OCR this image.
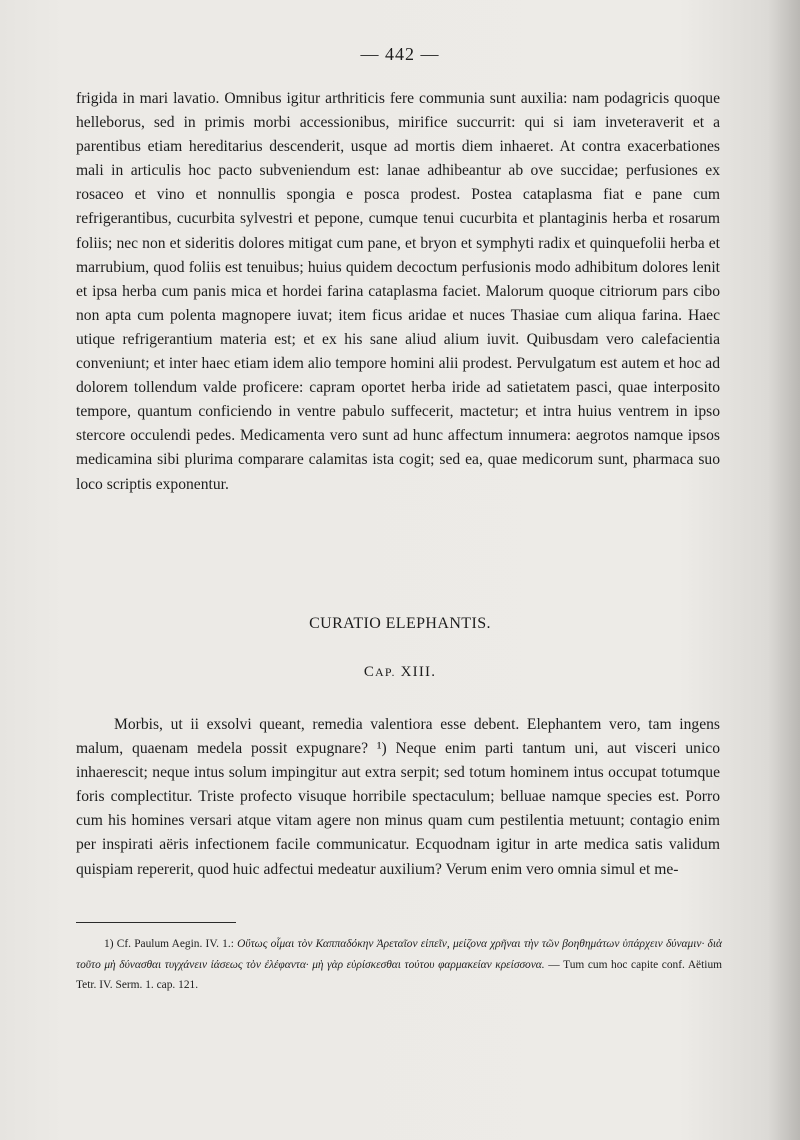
— 442 —
frigida in mari lavatio. Omnibus igitur arthriticis fere communia sunt auxilia: nam podagricis quoque helleborus, sed in primis morbi accessionibus, mirifice succurrit: qui si iam inveteraverit et a parentibus etiam hereditarius descenderit, usque ad mortis diem inhaeret. At contra exacerbationes mali in articulis hoc pacto subveniendum est: lanae adhibeantur ab ove succidae; perfusiones ex rosaceo et vino et nonnullis spongia e posca prodest. Postea cataplasma fiat e pane cum refrigerantibus, cucurbita sylvestri et pepone, cumque tenui cucurbita et plantaginis herba et rosarum foliis; nec non et sideritis dolores mitigat cum pane, et bryon et symphyti radix et quinquefolii herba et marrubium, quod foliis est tenuibus; huius quidem decoctum perfusionis modo adhibitum dolores lenit et ipsa herba cum panis mica et hordei farina cataplasma faciet. Malorum quoque citriorum pars cibo non apta cum polenta magnopere iuvat; item ficus aridae et nuces Thasiae cum aliqua farina. Haec utique refrigerantium materia est; et ex his sane aliud alium iuvit. Quibusdam vero calefacientia conveniunt; et inter haec etiam idem alio tempore homini alii prodest. Pervulgatum est autem et hoc ad dolorem tollendum valde proficere: capram oportet herba iride ad satietatem pasci, quae interposito tempore, quantum conficiendo in ventre pabulo suffecerit, mactetur; et intra huius ventrem in ipso stercore occulendi pedes. Medicamenta vero sunt ad hunc affectum innumera: aegrotos namque ipsos medicamina sibi plurima comparare calamitas ista cogit; sed ea, quae medicorum sunt, pharmaca suo loco scriptis exponentur.
CURATIO ELEPHANTIS.
CAP. XIII.
Morbis, ut ii exsolvi queant, remedia valentiora esse debent. Elephantem vero, tam ingens malum, quaenam medela possit expugnare? ¹) Neque enim parti tantum uni, aut visceri unico inhaerescit; neque intus solum impingitur aut extra serpit; sed totum hominem intus occupat totumque foris complectitur. Triste profecto visuque horribile spectaculum; belluae namque species est. Porro cum his homines versari atque vitam agere non minus quam cum pestilentia metuunt; contagio enim per inspirati aëris infectionem facile communicatur. Ecquodnam igitur in arte medica satis validum quispiam repererit, quod huic adfectui medeatur auxilium? Verum enim vero omnia simul et me-
1) Cf. Paulum Aegin. IV. 1.: Οὕτως οἶμαι τὸν Καππαδόκην Ἀρεταῖον εἰπεῖν, μείζονα χρῆναι τὴν τῶν βοηθημάτων ὑπάρχειν δύναμιν· διὰ τοῦτο μὴ δύνασθαι τυγχάνειν ἰάσεως τὸν ἐλέφαντα· μὴ γὰρ εὑρίσκεσθαι τούτου φαρμακείαν κρείσσονα. — Tum cum hoc capite conf. Aëtium Tetr. IV. Serm. 1. cap. 121.
